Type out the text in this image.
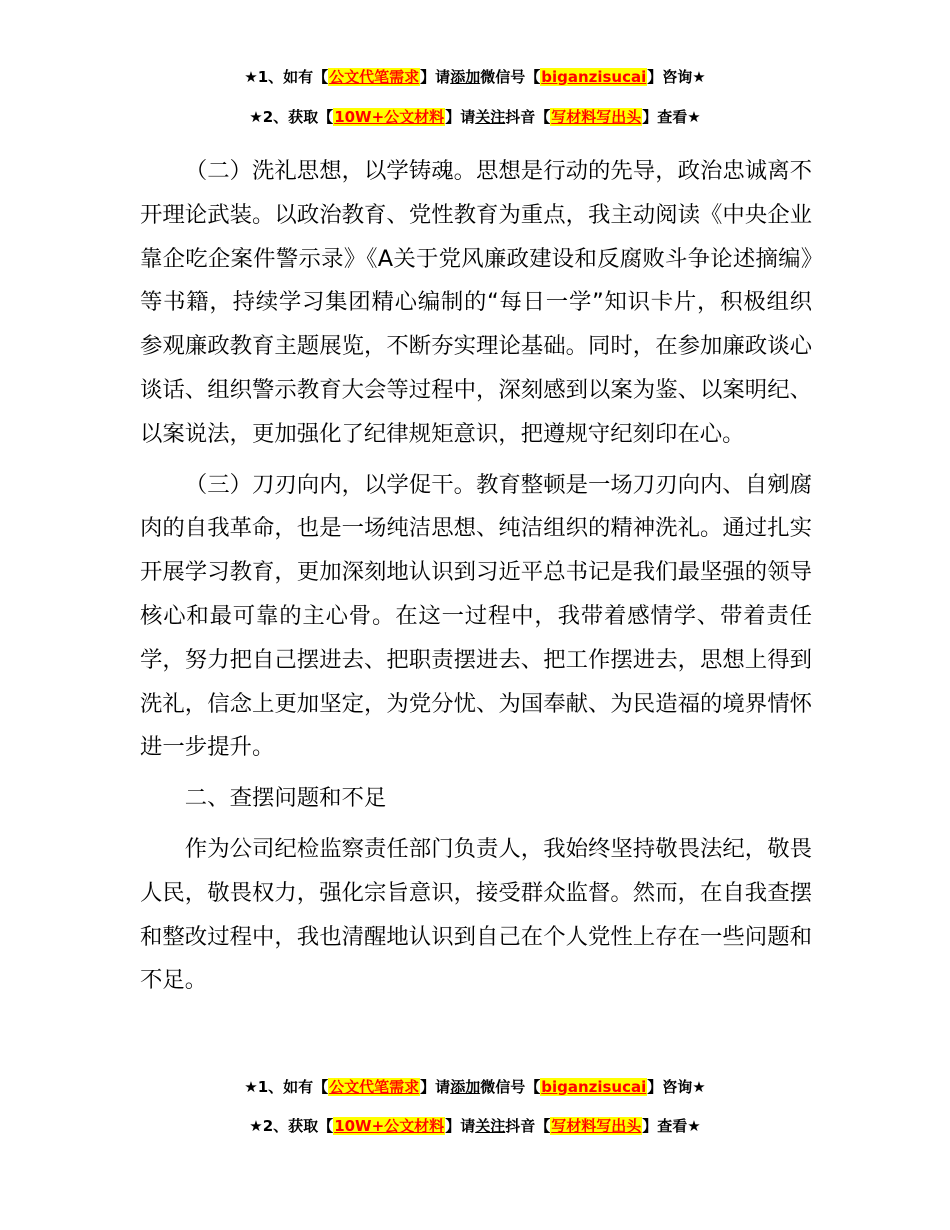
★1、如有【公文代笔需求】请添加微信号【biganzisucai】咨询★
★2、获取【10W+公文材料】请关注抖音【写材料写出头】查看★

（二）洗礼思想，以学铸魂。思想是行动的先导，政治忠诚离不开理论武装。以政治教育、党性教育为重点，我主动阅读《中央企业靠企吃企案件警示录》《A关于党风廉政建设和反腐败斗争论述摘编》等书籍，持续学习集团精心编制的“每日一学”知识卡片，积极组织参观廉政教育主题展览，不断夯实理论基础。同时，在参加廉政谈心谈话、组织警示教育大会等过程中，深刻感到以案为鉴、以案明纪、以案说法，更加强化了纪律规矩意识，把遵规守纪刻印在心。

（三）刀刃向内，以学促干。教育整顿是一场刀刃向内、自剜腐肉的自我革命，也是一场纯洁思想、纯洁组织的精神洗礼。通过扎实开展学习教育，更加深刻地认识到习近平总书记是我们最坚强的领导核心和最可靠的主心骨。在这一过程中，我带着感情学、带着责任学，努力把自己摆进去、把职责摆进去、把工作摆进去，思想上得到洗礼，信念上更加坚定，为党分忧、为国奉献、为民造福的境界情怀进一步提升。

二、查摆问题和不足

作为公司纪检监察责任部门负责人，我始终坚持敬畏法纪，敬畏人民，敬畏权力，强化宗旨意识，接受群众监督。然而，在自我查摆和整改过程中，我也清醒地认识到自己在个人党性上存在一些问题和不足。

★1、如有【公文代笔需求】请添加微信号【biganzisucai】咨询★
★2、获取【10W+公文材料】请关注抖音【写材料写出头】查看★
